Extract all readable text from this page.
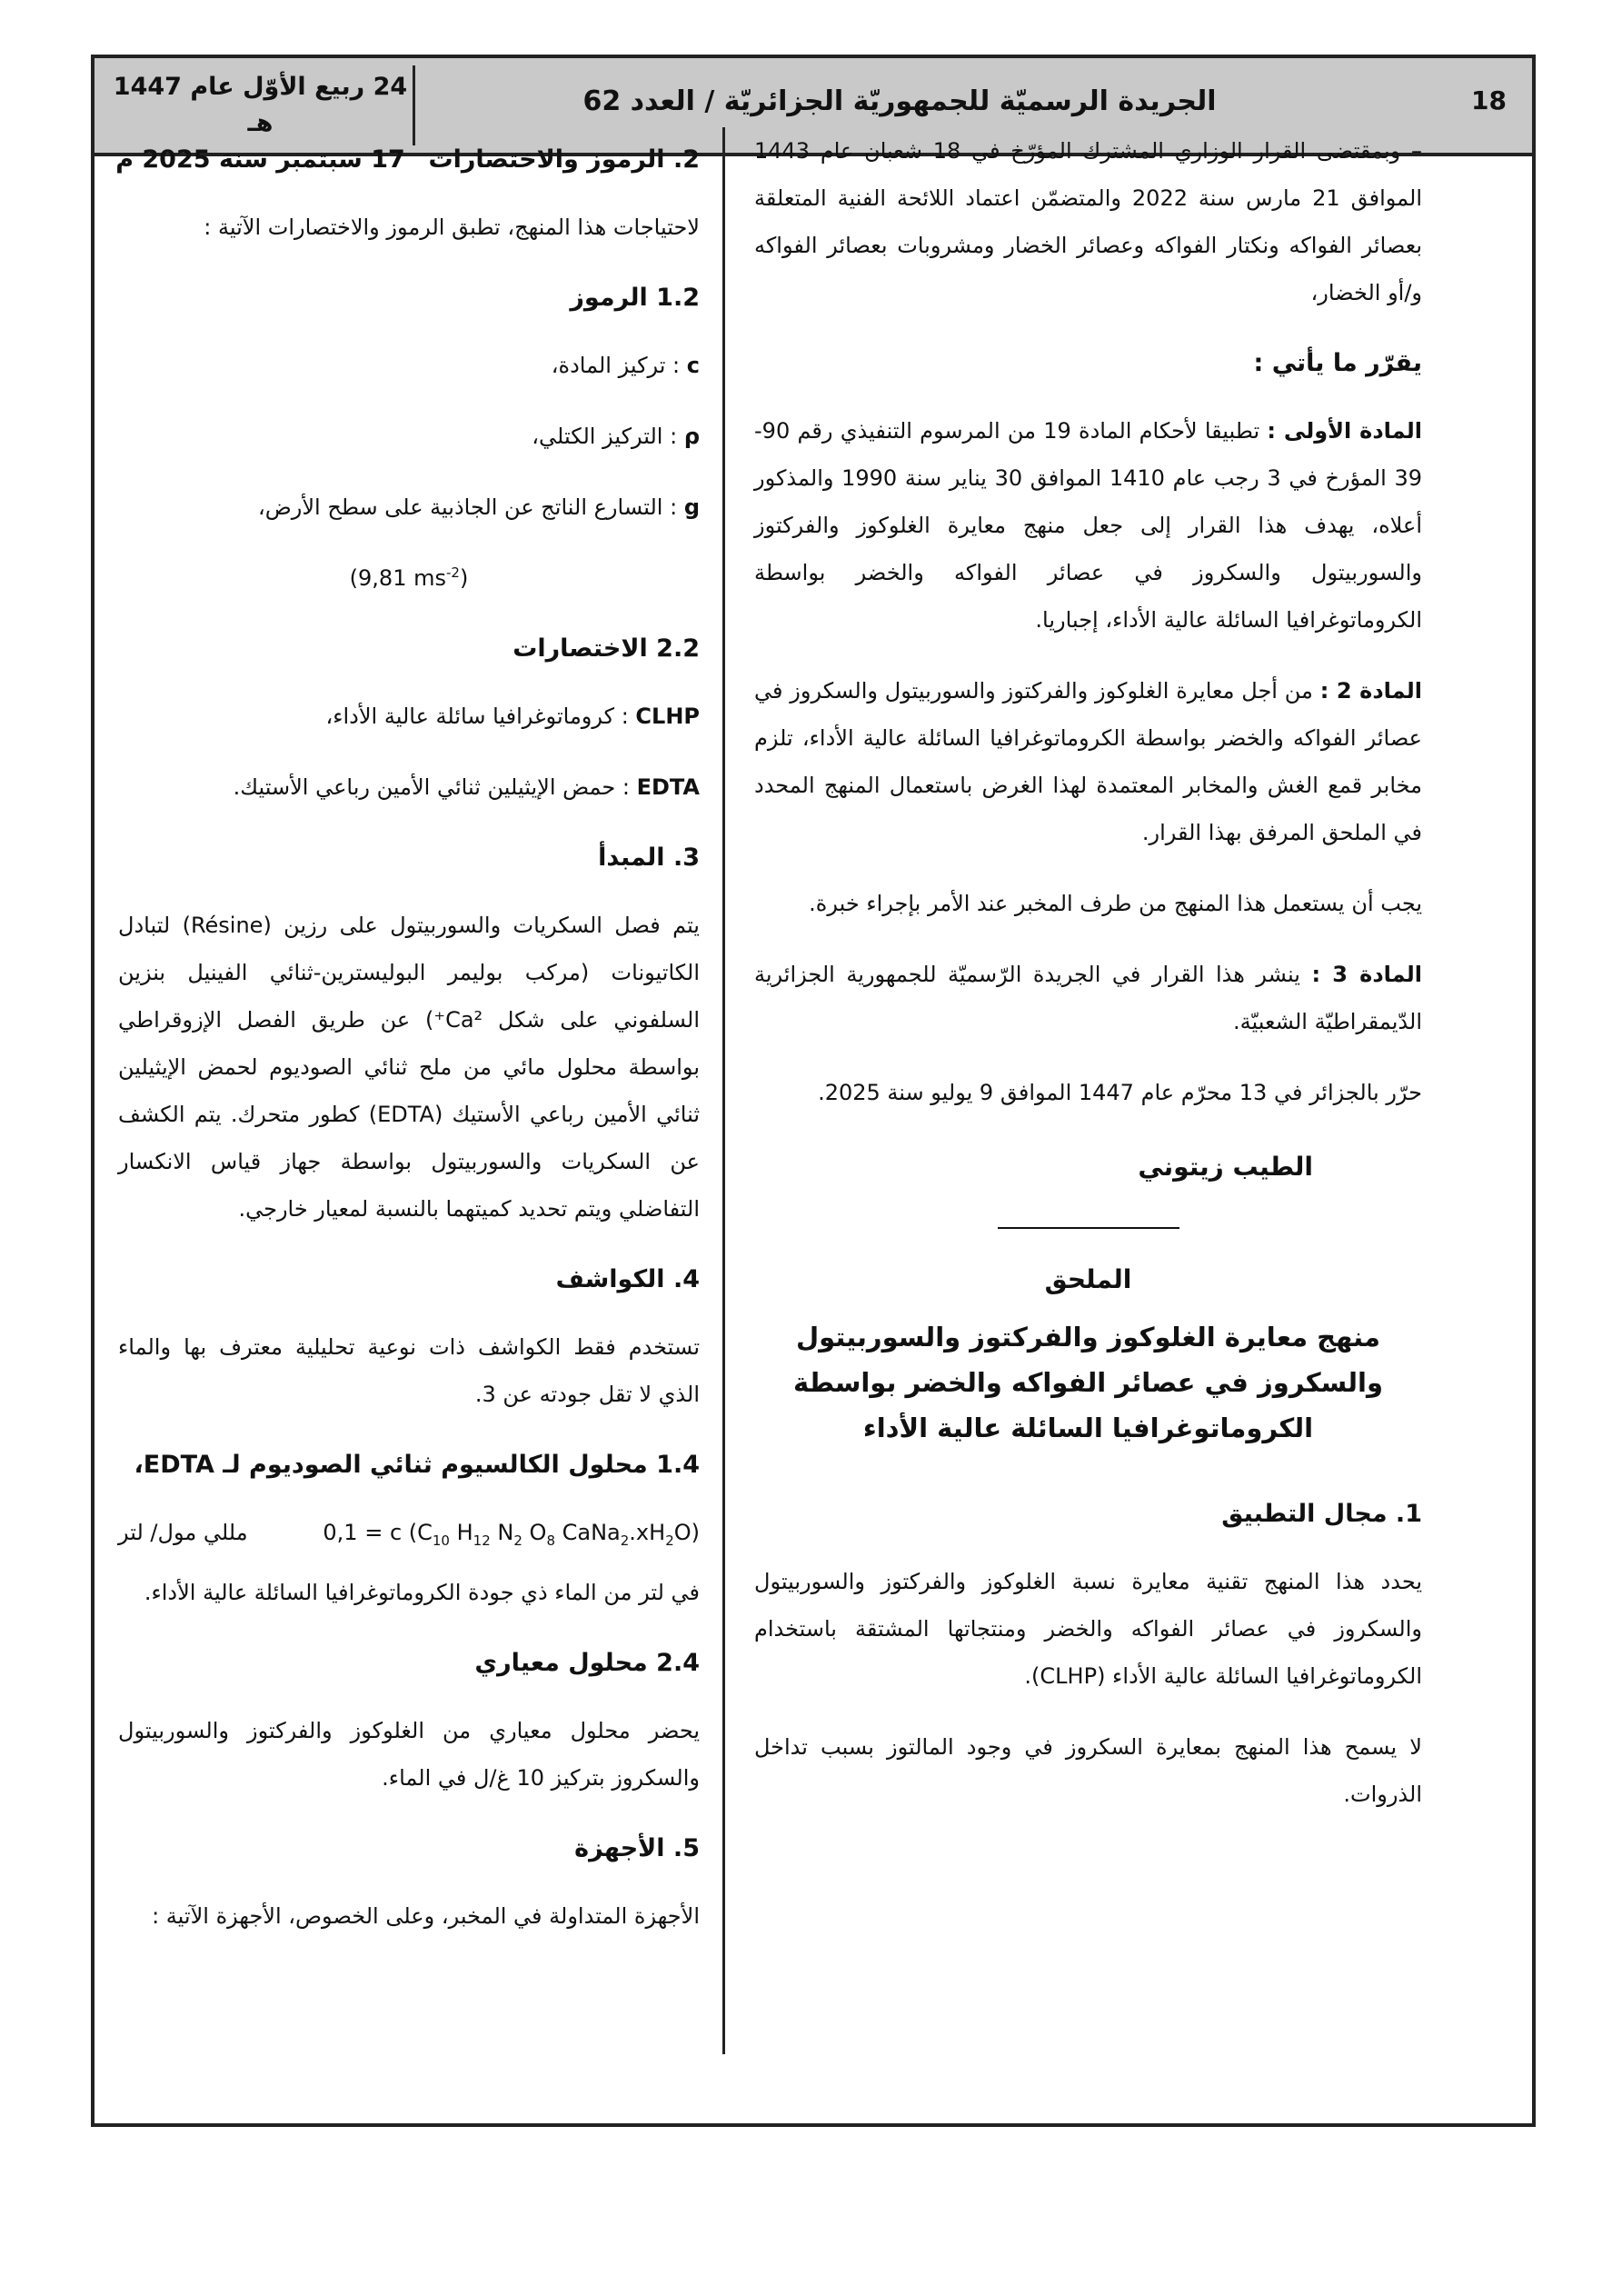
18
الجريدة الرسميّة للجمهوريّة الجزائريّة / العدد 62
24 ربيع الأوّل عام 1447 هـ
17 سبتمبر سنة 2025 م	– وبمقتضى القرار الوزاري المشترك المؤرّخ في 18 شعبان عام 1443 الموافق 21 مارس سنة 2022 والمتضمّن اعتماد اللائحة الفنية المتعلقة بعصائر الفواكه ونكتار الفواكه وعصائر الخضار ومشروبات بعصائر الفواكه و/أو الخضار،

يقرّر ما يأتي :

المادة الأولى : تطبيقا لأحكام المادة 19 من المرسوم التنفيذي رقم 90-39 المؤرخ في 3 رجب عام 1410 الموافق 30 يناير سنة 1990 والمذكور أعلاه، يهدف هذا القرار إلى جعل منهج معايرة الغلوكوز والفركتوز والسوربيتول والسكروز في عصائر الفواكه والخضر بواسطة الكروماتوغرافيا السائلة عالية الأداء، إجباريا.

المادة 2 : من أجل معايرة الغلوكوز والفركتوز والسوربيتول والسكروز في عصائر الفواكه والخضر بواسطة الكروماتوغرافيا السائلة عالية الأداء، تلزم مخابر قمع الغش والمخابر المعتمدة لهذا الغرض باستعمال المنهج المحدد في الملحق المرفق بهذا القرار.

يجب أن يستعمل هذا المنهج من طرف المخبر عند الأمر بإجراء خبرة.

المادة 3 : ينشر هذا القرار في الجريدة الرّسميّة للجمهورية الجزائرية الدّيمقراطيّة الشعبيّة.

حرّر بالجزائر في 13 محرّم عام 1447 الموافق 9 يوليو سنة 2025.

الطيب زيتوني
الملحق
منهج معايرة الغلوكوز والفركتوز والسوربيتول والسكروز في عصائر الفواكه والخضر بواسطة الكروماتوغرافيا السائلة عالية الأداء
1. مجال التطبيق

يحدد هذا المنهج تقنية معايرة نسبة الغلوكوز والفركتوز والسوربيتول والسكروز في عصائر الفواكه والخضر ومنتجاتها المشتقة باستخدام الكروماتوغرافيا السائلة عالية الأداء (CLHP).

لا يسمح هذا المنهج بمعايرة السكروز في وجود المالتوز بسبب تداخل الذروات.

2. الرموز والاختصارات

لاحتياجات هذا المنهج، تطبق الرموز والاختصارات الآتية :

1.2 الرموز

c : تركيز المادة،

ρ : التركيز الكتلي،

g : التسارع الناتج عن الجاذبية على سطح الأرض،

(9,81 $ms^{-2}$)

2.2 الاختصارات

CLHP : كروماتوغرافيا سائلة عالية الأداء،

EDTA : حمض الإيثيلين ثنائي الأمين رباعي الأستيك.

3. المبدأ

يتم فصل السكريات والسوربيتول على رزين (Résine) لتبادل الكاتيونات (مركب بوليمر البوليسترين-ثنائي الفينيل بنزين السلفوني على شكل Ca²⁺) عن طريق الفصل الإزوقراطي بواسطة محلول مائي من ملح ثنائي الصوديوم لحمض الإيثيلين ثنائي الأمين رباعي الأستيك (EDTA) كطور متحرك. يتم الكشف عن السكريات والسوربيتول بواسطة جهاز قياس الانكسار التفاضلي ويتم تحديد كميتهما بالنسبة لمعيار خارجي.

4. الكواشف

تستخدم فقط الكواشف ذات نوعية تحليلية معترف بها والماء الذي لا تقل جودته عن 3.

1.4 محلول الكالسيوم ثنائي الصوديوم لـ EDTA،
0,1 = c ($C_{10}$ $H_{12}$ $N_2$ $O_8$ $CaNa_2.xH_2O$)
مللي مول/ لتر

في لتر من الماء ذي جودة الكروماتوغرافيا السائلة عالية الأداء.

2.4 محلول معياري

يحضر محلول معياري من الغلوكوز والفركتوز والسوربيتول والسكروز بتركيز 10 غ/ل في الماء.

5. الأجهزة

الأجهزة المتداولة في المخبر، وعلى الخصوص، الأجهزة الآتية :
